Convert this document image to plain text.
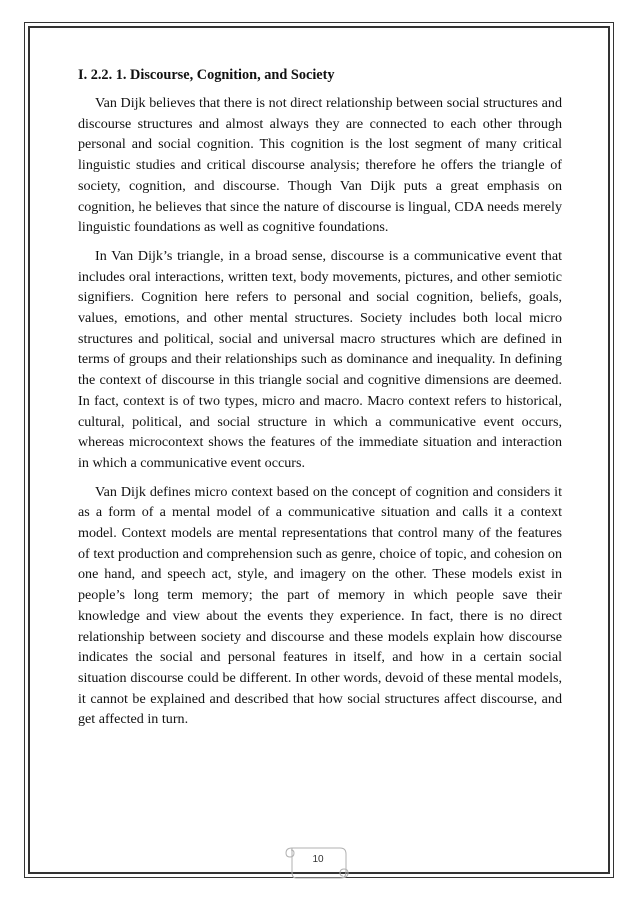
I. 2.2. 1. Discourse, Cognition, and Society

Van Dijk believes that there is not direct relationship between social structures and discourse structures and almost always they are connected to each other through personal and social cognition. This cognition is the lost segment of many critical linguistic studies and critical discourse analysis; therefore he offers the triangle of society, cognition, and discourse. Though Van Dijk puts a great emphasis on cognition, he believes that since the nature of discourse is lingual, CDA needs merely linguistic foundations as well as cognitive foundations.

In Van Dijk’s triangle, in a broad sense, discourse is a communicative event that includes oral interactions, written text, body movements, pictures, and other semiotic signifiers. Cognition here refers to personal and social cognition, beliefs, goals, values, emotions, and other mental structures. Society includes both local micro structures and political, social and universal macro structures which are defined in terms of groups and their relationships such as dominance and inequality. In defining the context of discourse in this triangle social and cognitive dimensions are deemed. In fact, context is of two types, micro and macro. Macro context refers to historical, cultural, political, and social structure in which a communicative event occurs, whereas microcontext shows the features of the immediate situation and interaction in which a communicative event occurs.

Van Dijk defines micro context based on the concept of cognition and considers it as a form of a mental model of a communicative situation and calls it a context model. Context models are mental representations that control many of the features of text production and comprehension such as genre, choice of topic, and cohesion on one hand, and speech act, style, and imagery on the other. These models exist in people’s long term memory; the part of memory in which people save their knowledge and view about the events they experience. In fact, there is no direct relationship between society and discourse and these models explain how discourse indicates the social and personal features in itself, and how in a certain social situation discourse could be different. In other words, devoid of these mental models, it cannot be explained and described that how social structures affect discourse, and get affected in turn.

10
